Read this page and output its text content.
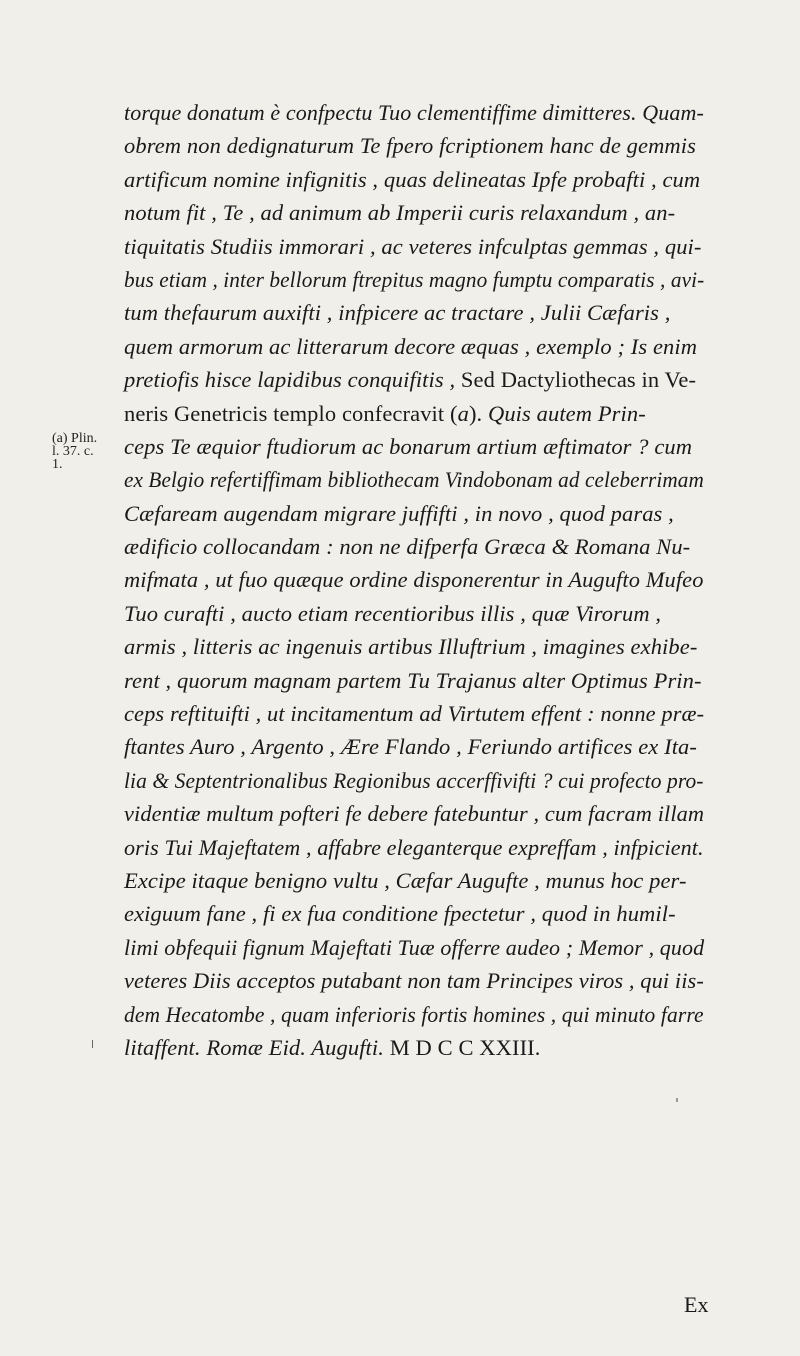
(a) Plin.
l. 37. c.
1.
torque donatum è confpectu Tuo clementiffime dimitteres. Quam-
obrem non dedignaturum Te fpero fcriptionem hanc de gemmis
artificum nomine infignitis , quas delineatas Ipfe probafti , cum
notum fit , Te , ad animum ab Imperii curis relaxandum , an-
tiquitatis Studiis immorari , ac veteres infculptas gemmas , qui-
bus etiam , inter bellorum ftrepitus magno fumptu comparatis , avi-
tum thefaurum auxifti , infpicere ac tractare , Julii Cæfaris ,
quem armorum ac litterarum decore æquas , exemplo ; Is enim
pretiofis hisce lapidibus conquifitis , Sed Dactyliothecas in Ve-
neris Genetricis templo confecravit (a). Quis autem Prin-
ceps Te æquior ftudiorum ac bonarum artium æftimator ? cum
ex Belgio refertiffimam bibliothecam Vindobonam ad celeberrimam
Cæfaream augendam migrare juffifti , in novo , quod paras ,
ædificio collocandam : non ne difperfa Græca & Romana Nu-
mifmata , ut fuo quæque ordine disponerentur in Augufto Mufeo
Tuo curafti , aucto etiam recentioribus illis , quæ Virorum ,
armis , litteris ac ingenuis artibus Illuftrium , imagines exhibe-
rent , quorum magnam partem Tu Trajanus alter Optimus Prin-
ceps reftituifti , ut incitamentum ad Virtutem effent : nonne præ-
ftantes Auro , Argento , Ære Flando , Feriundo artifices ex Ita-
lia & Septentrionalibus Regionibus accerffivifti ? cui profecto pro-
videntiæ multum pofteri fe debere fatebuntur , cum facram illam
oris Tui Majeftatem , affabre eleganterque expreffam , infpicient.
Excipe itaque benigno vultu , Cæfar Augufte , munus hoc per-
exiguum fane , fi ex fua conditione fpectetur , quod in humil-
limi obfequii fignum Majeftati Tuæ offerre audeo ; Memor , quod
veteres Diis acceptos putabant non tam Principes viros , qui iis-
dem Hecatombe , quam inferioris fortis homines , qui minuto farre
litaffent. Romæ Eid. Augufti. M D C C XXIII.
Ex
